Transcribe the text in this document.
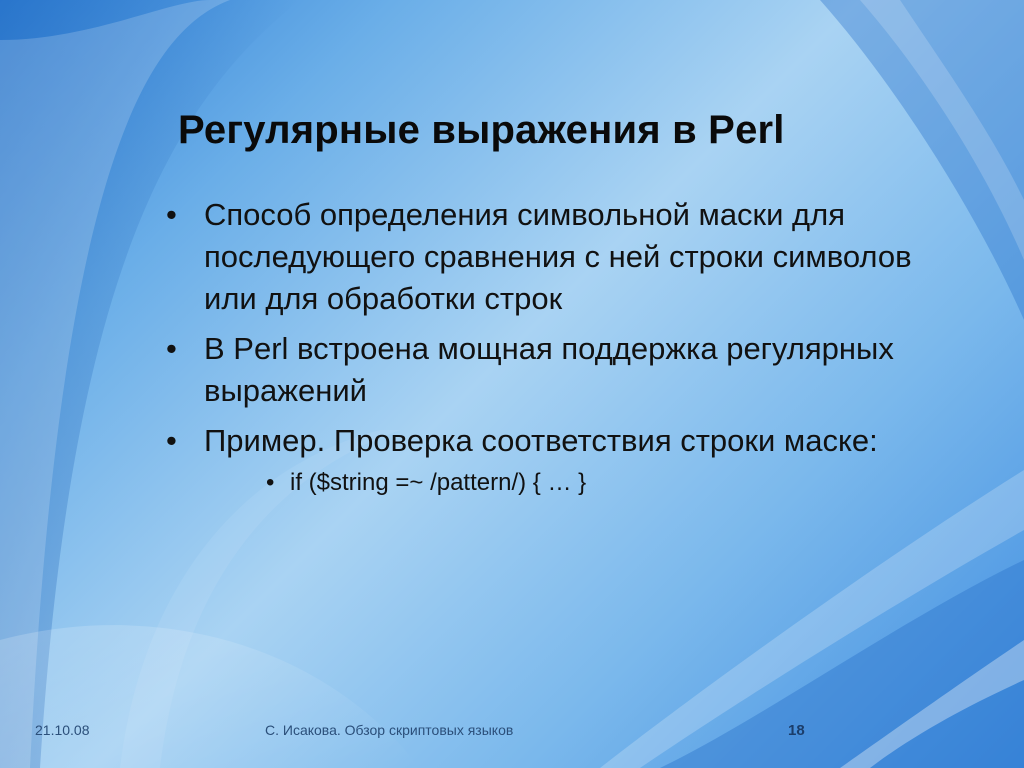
Регулярные выражения в Perl
• Способ определения символьной маски для последующего сравнения с ней строки символов или для обработки строк
• В Perl встроена мощная поддержка регулярных выражений
• Пример. Проверка соответствия строки маске:
• if ($string =~ /pattern/) { … }
21.10.08	С. Исакова. Обзор скриптовых языков	18
